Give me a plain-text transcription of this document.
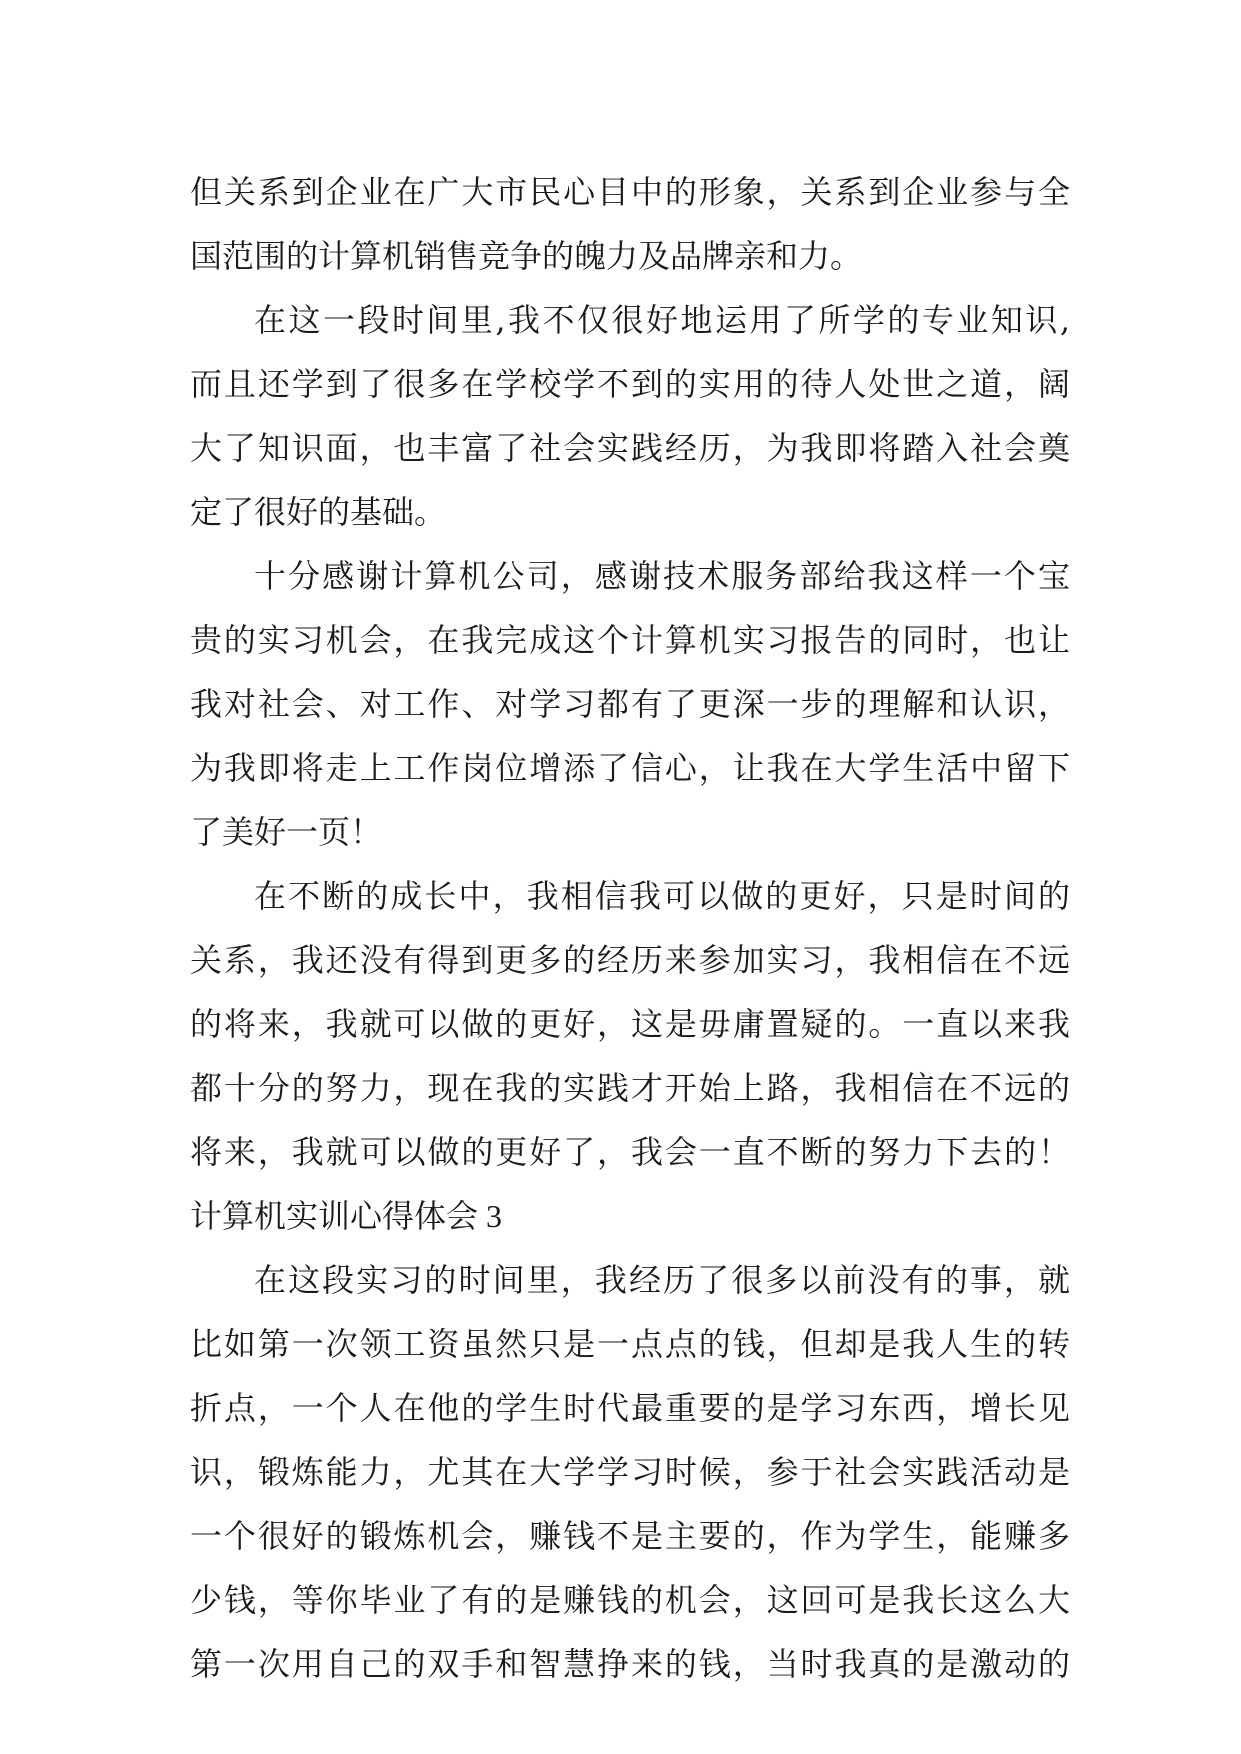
但关系到企业在广大市民心目中的形象，关系到企业参与全
国范围的计算机销售竞争的魄力及品牌亲和力。
在这一段时间里,我不仅很好地运用了所学的专业知识,
而且还学到了很多在学校学不到的实用的待人处世之道，阔
大了知识面，也丰富了社会实践经历，为我即将踏入社会奠
定了很好的基础。
十分感谢计算机公司，感谢技术服务部给我这样一个宝
贵的实习机会，在我完成这个计算机实习报告的同时，也让
我对社会、对工作、对学习都有了更深一步的理解和认识，
为我即将走上工作岗位增添了信心，让我在大学生活中留下
了美好一页！
在不断的成长中，我相信我可以做的更好，只是时间的
关系，我还没有得到更多的经历来参加实习，我相信在不远
的将来，我就可以做的更好，这是毋庸置疑的。一直以来我
都十分的努力，现在我的实践才开始上路，我相信在不远的
将来，我就可以做的更好了，我会一直不断的努力下去的！
计算机实训心得体会 3
在这段实习的时间里，我经历了很多以前没有的事，就
比如第一次领工资虽然只是一点点的钱，但却是我人生的转
折点，一个人在他的学生时代最重要的是学习东西，增长见
识，锻炼能力，尤其在大学学习时候，参于社会实践活动是
一个很好的锻炼机会，赚钱不是主要的，作为学生，能赚多
少钱，等你毕业了有的是赚钱的机会，这回可是我长这么大
第一次用自己的双手和智慧挣来的钱，当时我真的是激动的
